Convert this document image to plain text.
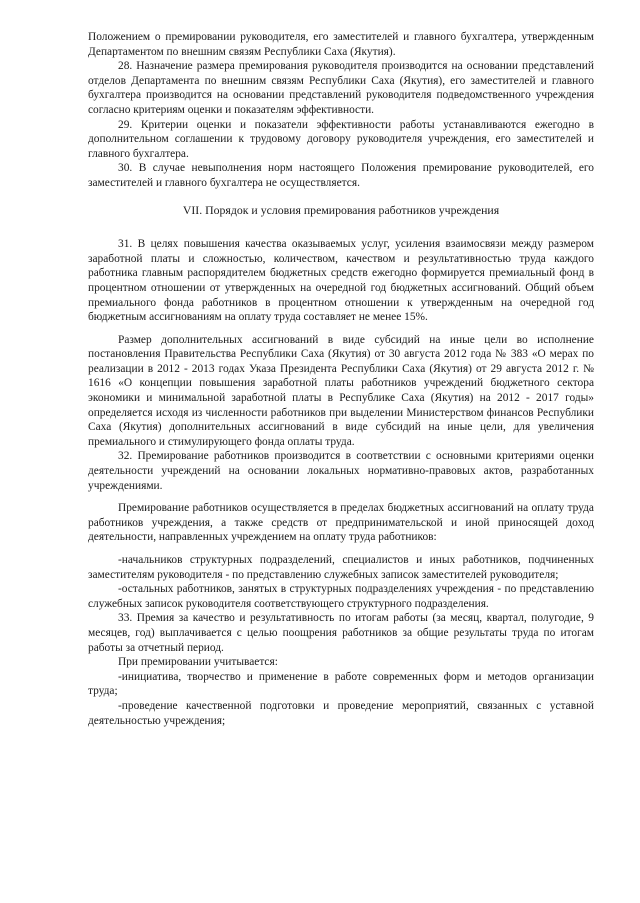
Положением о премировании руководителя, его заместителей и главного бухгалтера, утвержденным Департаментом по внешним связям Республики Саха (Якутия).

28. Назначение размера премирования руководителя производится на основании представлений отделов Департамента по внешним связям Республики Саха (Якутия), его заместителей и главного бухгалтера производится на основании представлений руководителя подведомственного учреждения согласно критериям оценки и показателям эффективности.

29. Критерии оценки и показатели эффективности работы устанавливаются ежегодно в дополнительном соглашении к трудовому договору руководителя учреждения, его заместителей и главного бухгалтера.

30. В случае невыполнения норм настоящего Положения премирование руководителей, его заместителей и главного бухгалтера не осуществляется.

VII. Порядок и условия премирования работников учреждения

31. В целях повышения качества оказываемых услуг, усиления взаимосвязи между размером заработной платы и сложностью, количеством, качеством и результативностью труда каждого работника главным распорядителем бюджетных средств ежегодно формируется премиальный фонд в процентном отношении от утвержденных на очередной год бюджетных ассигнований. Общий объем премиального фонда работников в процентном отношении к утвержденным на очередной год бюджетным ассигнованиям на оплату труда составляет не менее 15%.

Размер дополнительных ассигнований в виде субсидий на иные цели во исполнение постановления Правительства Республики Саха (Якутия) от 30 августа 2012 года № 383 «О мерах по реализации в 2012 - 2013 годах Указа Президента Республики Саха (Якутия) от 29 августа 2012 г. № 1616 «О концепции повышения заработной платы работников учреждений бюджетного сектора экономики и минимальной заработной платы в Республике Саха (Якутия) на 2012 - 2017 годы» определяется исходя из численности работников при выделении Министерством финансов Республики Саха (Якутия) дополнительных ассигнований в виде субсидий на иные цели, для увеличения премиального и стимулирующего фонда оплаты труда.

32. Премирование работников производится в соответствии с основными критериями оценки деятельности учреждений на основании локальных нормативно-правовых актов, разработанных учреждениями.

Премирование работников осуществляется в пределах бюджетных ассигнований на оплату труда работников учреждения, а также средств от предпринимательской и иной приносящей доход деятельности, направленных учреждением на оплату труда работников:

-начальников структурных подразделений, специалистов и иных работников, подчиненных заместителям руководителя - по представлению служебных записок заместителей руководителя;

-остальных работников, занятых в структурных подразделениях учреждения - по представлению служебных записок руководителя соответствующего структурного подразделения.

33. Премия за качество и результативность по итогам работы (за месяц, квартал, полугодие, 9 месяцев, год) выплачивается с целью поощрения работников за общие результаты труда по итогам работы за отчетный период.

При премировании учитывается:

-инициатива, творчество и применение в работе современных форм и методов организации труда;

-проведение качественной подготовки и проведение мероприятий, связанных с уставной деятельностью учреждения;
